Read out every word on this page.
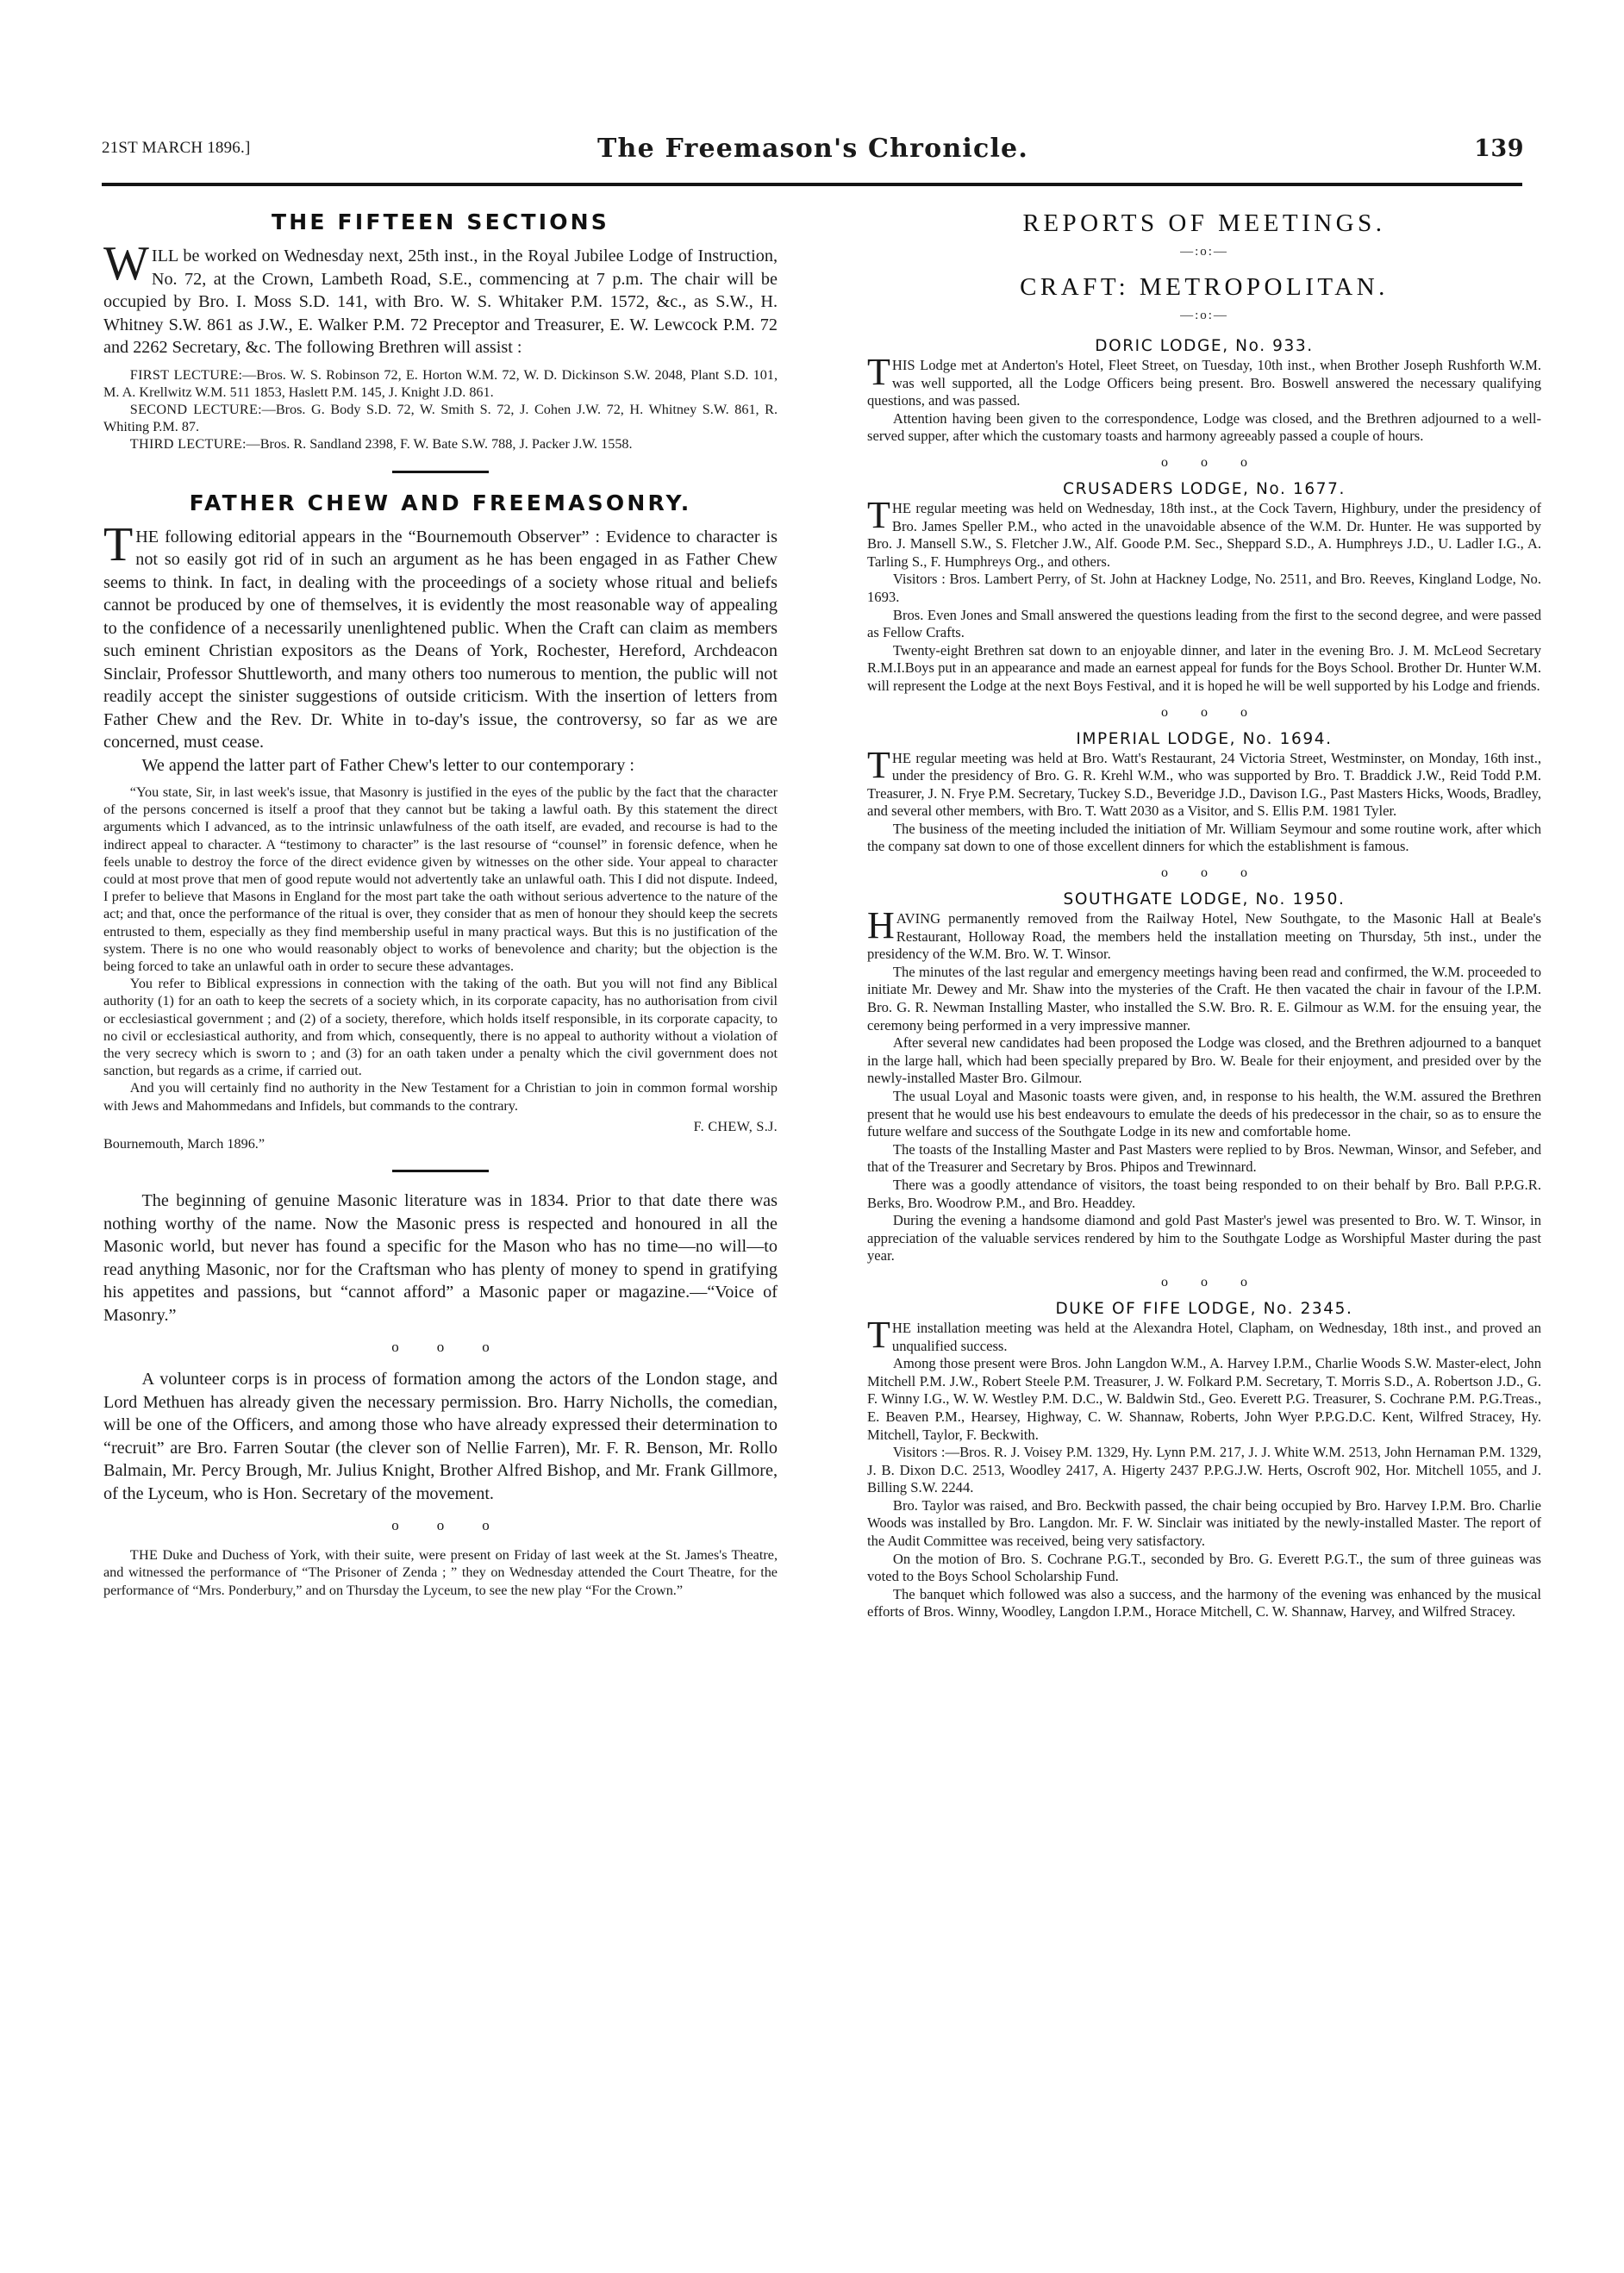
21ST MARCH 1896.]	The Freemason's Chronicle.	139
THE FIFTEEN SECTIONS

WILL be worked on Wednesday next, 25th inst., in the Royal Jubilee Lodge of Instruction, No. 72, at the Crown, Lambeth Road, S.E., commencing at 7 p.m. The chair will be occupied by Bro. I. Moss S.D. 141, with Bro. W. S. Whitaker P.M. 1572, &c., as S.W., H. Whitney S.W. 861 as J.W., E. Walker P.M. 72 Preceptor and Treasurer, E. W. Lewcock P.M. 72 and 2262 Secretary, &c. The following Brethren will assist :

FIRST LECTURE:—Bros. W. S. Robinson 72, E. Horton W.M. 72, W. D. Dickinson S.W. 2048, Plant S.D. 101, M. A. Krellwitz W.M. 511 1853, Haslett P.M. 145, J. Knight J.D. 861.

SECOND LECTURE:—Bros. G. Body S.D. 72, W. Smith S. 72, J. Cohen J.W. 72, H. Whitney S.W. 861, R. Whiting P.M. 87.

THIRD LECTURE:—Bros. R. Sandland 2398, F. W. Bate S.W. 788, J. Packer J.W. 1558.

FATHER CHEW AND FREEMASONRY.

THE following editorial appears in the “Bournemouth Observer” : Evidence to character is not so easily got rid of in such an argument as he has been engaged in as Father Chew seems to think. In fact, in dealing with the proceedings of a society whose ritual and beliefs cannot be produced by one of themselves, it is evidently the most reasonable way of appealing to the confidence of a necessarily unenlightened public. When the Craft can claim as members such eminent Christian expositors as the Deans of York, Rochester, Hereford, Archdeacon Sinclair, Professor Shuttleworth, and many others too numerous to mention, the public will not readily accept the sinister suggestions of outside criticism. With the insertion of letters from Father Chew and the Rev. Dr. White in to-day's issue, the controversy, so far as we are concerned, must cease.

We append the latter part of Father Chew's letter to our contemporary :

“You state, Sir, in last week's issue, that Masonry is justified in the eyes of the public by the fact that the character of the persons concerned is itself a proof that they cannot but be taking a lawful oath. By this statement the direct arguments which I advanced, as to the intrinsic unlawfulness of the oath itself, are evaded, and recourse is had to the indirect appeal to character. A “testimony to character” is the last resourse of “counsel” in forensic defence, when he feels unable to destroy the force of the direct evidence given by witnesses on the other side. Your appeal to character could at most prove that men of good repute would not advertently take an unlawful oath. This I did not dispute. Indeed, I prefer to believe that Masons in England for the most part take the oath without serious advertence to the nature of the act; and that, once the performance of the ritual is over, they consider that as men of honour they should keep the secrets entrusted to them, especially as they find membership useful in many practical ways. But this is no justification of the system. There is no one who would reasonably object to works of benevolence and charity; but the objection is the being forced to take an unlawful oath in order to secure these advantages.

You refer to Biblical expressions in connection with the taking of the oath. But you will not find any Biblical authority (1) for an oath to keep the secrets of a society which, in its corporate capacity, has no authorisation from civil or ecclesiastical government ; and (2) of a society, therefore, which holds itself responsible, in its corporate capacity, to no civil or ecclesiastical authority, and from which, consequently, there is no appeal to authority without a violation of the very secrecy which is sworn to ; and (3) for an oath taken under a penalty which the civil government does not sanction, but regards as a crime, if carried out.

And you will certainly find no authority in the New Testament for a Christian to join in common formal worship with Jews and Mahommedans and Infidels, but commands to the contrary.

F. CHEW, S.J.
Bournemouth, March 1896.”

The beginning of genuine Masonic literature was in 1834. Prior to that date there was nothing worthy of the name. Now the Masonic press is respected and honoured in all the Masonic world, but never has found a specific for the Mason who has no time—no will—to read anything Masonic, nor for the Craftsman who has plenty of money to spend in gratifying his appetites and passions, but “cannot afford” a Masonic paper or magazine.—“Voice of Masonry.”

ooo

A volunteer corps is in process of formation among the actors of the London stage, and Lord Methuen has already given the necessary permission. Bro. Harry Nicholls, the comedian, will be one of the Officers, and among those who have already expressed their determination to “recruit” are Bro. Farren Soutar (the clever son of Nellie Farren), Mr. F. R. Benson, Mr. Rollo Balmain, Mr. Percy Brough, Mr. Julius Knight, Brother Alfred Bishop, and Mr. Frank Gillmore, of the Lyceum, who is Hon. Secretary of the movement.

ooo

THE Duke and Duchess of York, with their suite, were present on Friday of last week at the St. James's Theatre, and witnessed the performance of “The Prisoner of Zenda ; ” they on Wednesday attended the Court Theatre, for the performance of “Mrs. Ponderbury,” and on Thursday the Lyceum, to see the new play “For the Crown.”

REPORTS OF MEETINGS.
—:o:—
CRAFT: METROPOLITAN.
—:o:—
DORIC LODGE, No. 933.

THIS Lodge met at Anderton's Hotel, Fleet Street, on Tuesday, 10th inst., when Brother Joseph Rushforth W.M. was well supported, all the Lodge Officers being present. Bro. Boswell answered the necessary qualifying questions, and was passed.

Attention having been given to the correspondence, Lodge was closed, and the Brethren adjourned to a well-served supper, after which the customary toasts and harmony agreeably passed a couple of hours.

ooo
CRUSADERS LODGE, No. 1677.

THE regular meeting was held on Wednesday, 18th inst., at the Cock Tavern, Highbury, under the presidency of Bro. James Speller P.M., who acted in the unavoidable absence of the W.M. Dr. Hunter. He was supported by Bro. J. Mansell S.W., S. Fletcher J.W., Alf. Goode P.M. Sec., Sheppard S.D., A. Humphreys J.D., U. Ladler I.G., A. Tarling S., F. Humphreys Org., and others.

Visitors : Bros. Lambert Perry, of St. John at Hackney Lodge, No. 2511, and Bro. Reeves, Kingland Lodge, No. 1693.

Bros. Even Jones and Small answered the questions leading from the first to the second degree, and were passed as Fellow Crafts.

Twenty-eight Brethren sat down to an enjoyable dinner, and later in the evening Bro. J. M. McLeod Secretary R.M.I.Boys put in an appearance and made an earnest appeal for funds for the Boys School. Brother Dr. Hunter W.M. will represent the Lodge at the next Boys Festival, and it is hoped he will be well supported by his Lodge and friends.

ooo
IMPERIAL LODGE, No. 1694.

THE regular meeting was held at Bro. Watt's Restaurant, 24 Victoria Street, Westminster, on Monday, 16th inst., under the presidency of Bro. G. R. Krehl W.M., who was supported by Bro. T. Braddick J.W., Reid Todd P.M. Treasurer, J. N. Frye P.M. Secretary, Tuckey S.D., Beveridge J.D., Davison I.G., Past Masters Hicks, Woods, Bradley, and several other members, with Bro. T. Watt 2030 as a Visitor, and S. Ellis P.M. 1981 Tyler.

The business of the meeting included the initiation of Mr. William Seymour and some routine work, after which the company sat down to one of those excellent dinners for which the establishment is famous.

ooo
SOUTHGATE LODGE, No. 1950.

HAVING permanently removed from the Railway Hotel, New Southgate, to the Masonic Hall at Beale's Restaurant, Holloway Road, the members held the installation meeting on Thursday, 5th inst., under the presidency of the W.M. Bro. W. T. Winsor.

The minutes of the last regular and emergency meetings having been read and confirmed, the W.M. proceeded to initiate Mr. Dewey and Mr. Shaw into the mysteries of the Craft. He then vacated the chair in favour of the I.P.M. Bro. G. R. Newman Installing Master, who installed the S.W. Bro. R. E. Gilmour as W.M. for the ensuing year, the ceremony being performed in a very impressive manner.

After several new candidates had been proposed the Lodge was closed, and the Brethren adjourned to a banquet in the large hall, which had been specially prepared by Bro. W. Beale for their enjoyment, and presided over by the newly-installed Master Bro. Gilmour.

The usual Loyal and Masonic toasts were given, and, in response to his health, the W.M. assured the Brethren present that he would use his best endeavours to emulate the deeds of his predecessor in the chair, so as to ensure the future welfare and success of the Southgate Lodge in its new and comfortable home.

The toasts of the Installing Master and Past Masters were replied to by Bros. Newman, Winsor, and Sefeber, and that of the Treasurer and Secretary by Bros. Phipos and Trewinnard.

There was a goodly attendance of visitors, the toast being responded to on their behalf by Bro. Ball P.P.G.R. Berks, Bro. Woodrow P.M., and Bro. Headdey.

During the evening a handsome diamond and gold Past Master's jewel was presented to Bro. W. T. Winsor, in appreciation of the valuable services rendered by him to the Southgate Lodge as Worshipful Master during the past year.

ooo
DUKE OF FIFE LODGE, No. 2345.

THE installation meeting was held at the Alexandra Hotel, Clapham, on Wednesday, 18th inst., and proved an unqualified success.

Among those present were Bros. John Langdon W.M., A. Harvey I.P.M., Charlie Woods S.W. Master-elect, John Mitchell P.M. J.W., Robert Steele P.M. Treasurer, J. W. Folkard P.M. Secretary, T. Morris S.D., A. Robertson J.D., G. F. Winny I.G., W. W. Westley P.M. D.C., W. Baldwin Std., Geo. Everett P.G. Treasurer, S. Cochrane P.M. P.G.Treas., E. Beaven P.M., Hearsey, Highway, C. W. Shannaw, Roberts, John Wyer P.P.G.D.C. Kent, Wilfred Stracey, Hy. Mitchell, Taylor, F. Beckwith.

Visitors :—Bros. R. J. Voisey P.M. 1329, Hy. Lynn P.M. 217, J. J. White W.M. 2513, John Hernaman P.M. 1329, J. B. Dixon D.C. 2513, Woodley 2417, A. Higerty 2437 P.P.G.J.W. Herts, Oscroft 902, Hor. Mitchell 1055, and J. Billing S.W. 2244.

Bro. Taylor was raised, and Bro. Beckwith passed, the chair being occupied by Bro. Harvey I.P.M. Bro. Charlie Woods was installed by Bro. Langdon. Mr. F. W. Sinclair was initiated by the newly-installed Master. The report of the Audit Committee was received, being very satisfactory.

On the motion of Bro. S. Cochrane P.G.T., seconded by Bro. G. Everett P.G.T., the sum of three guineas was voted to the Boys School Scholarship Fund.

The banquet which followed was also a success, and the harmony of the evening was enhanced by the musical efforts of Bros. Winny, Woodley, Langdon I.P.M., Horace Mitchell, C. W. Shannaw, Harvey, and Wilfred Stracey.
